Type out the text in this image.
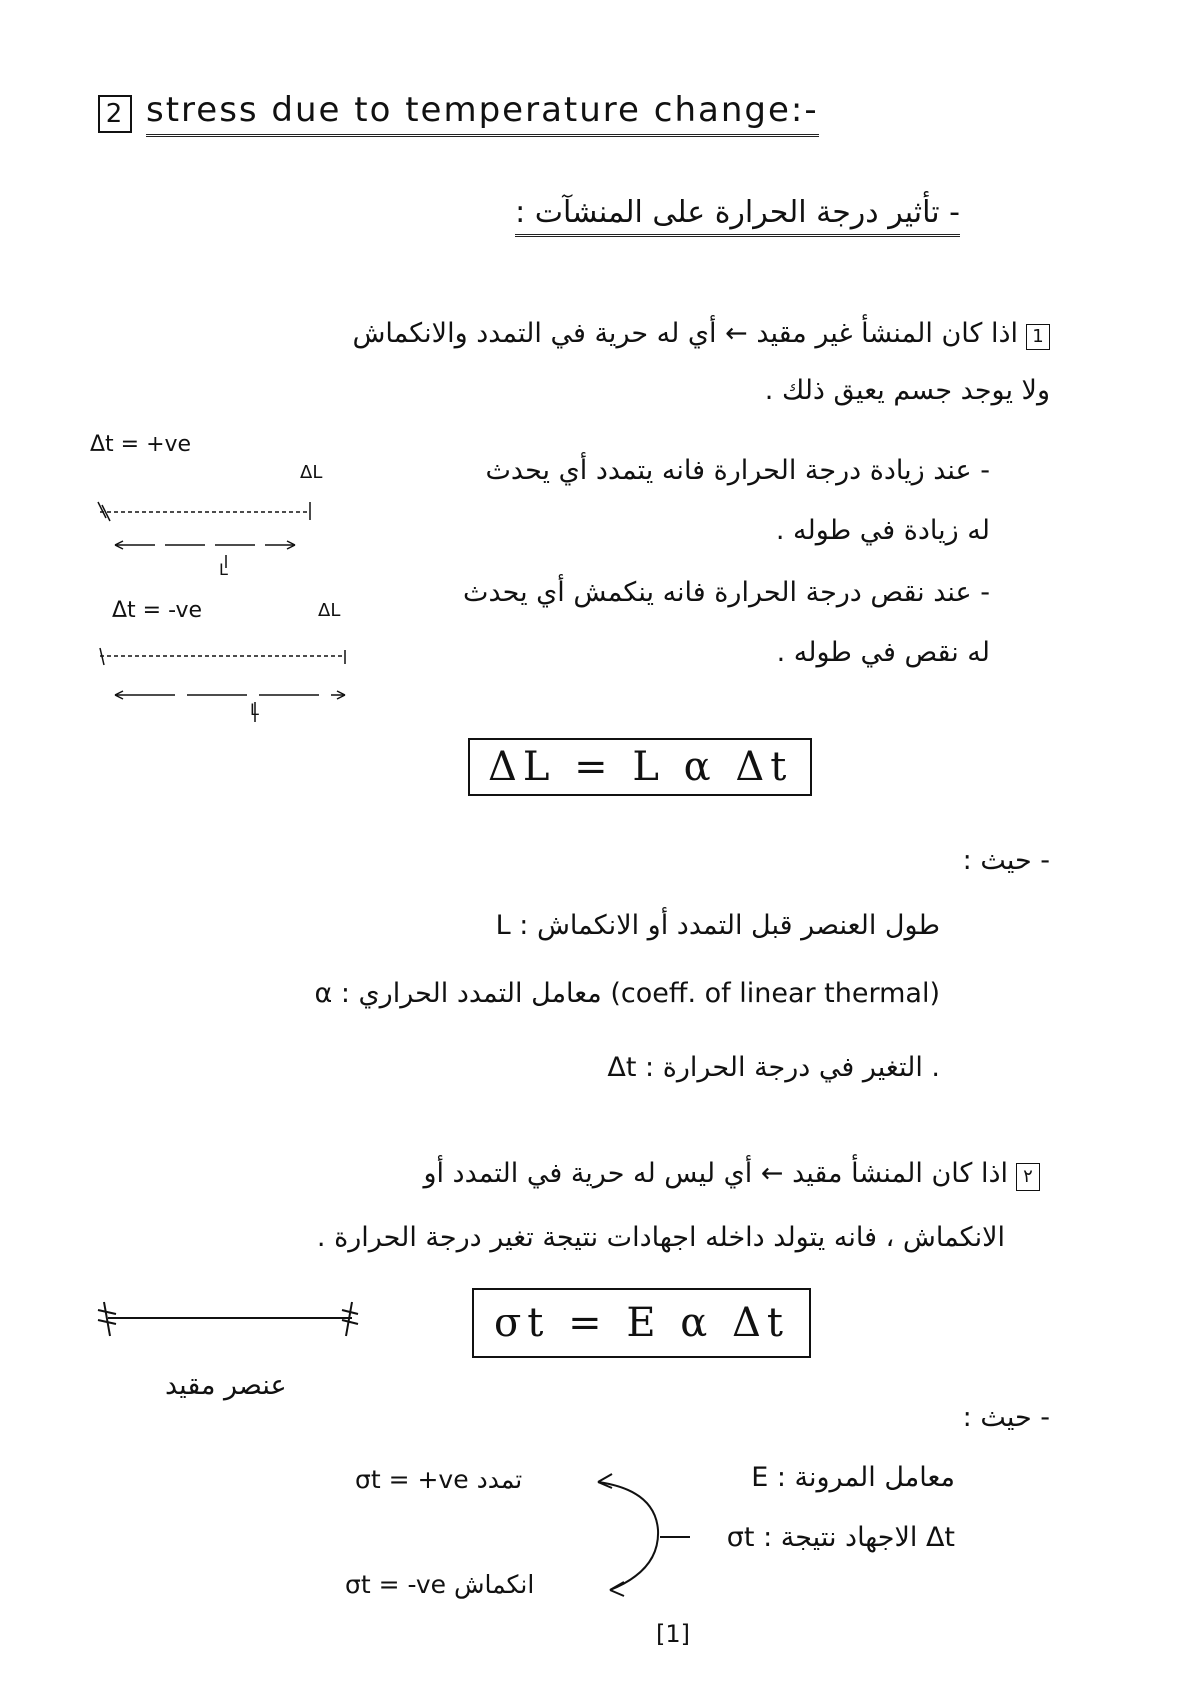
2 stress due to temperature change:-
- تأثير درجة الحرارة على المنشآت :
1اذا كان المنشأ غير مقيد ← أي له حرية في التمدد والانكماش
ولا يوجد جسم يعيق ذلك .
Δt = +ve
Δt = -ve
ΔL
ΔL
L
L
- عند زيادة درجة الحرارة فانه يتمدد أي يحدث
له زيادة في طوله .
- عند نقص درجة الحرارة فانه ينكمش أي يحدث
له نقص في طوله .
ΔL = L α Δt
- حيث :
L : طول العنصر قبل التمدد أو الانكماش
α : معامل التمدد الحراري (coeff. of linear thermal)
Δt : التغير في درجة الحرارة .
٢اذا كان المنشأ مقيد ← أي ليس له حرية في التمدد أو
الانكماش ، فانه يتولد داخله اجهادات نتيجة تغير درجة الحرارة .
σt = E α Δt
عنصر مقيد
- حيث :
E : معامل المرونة
σt : الاجهاد نتيجة Δt
σt = +ve تمدد
σt = -ve انكماش
[1]
